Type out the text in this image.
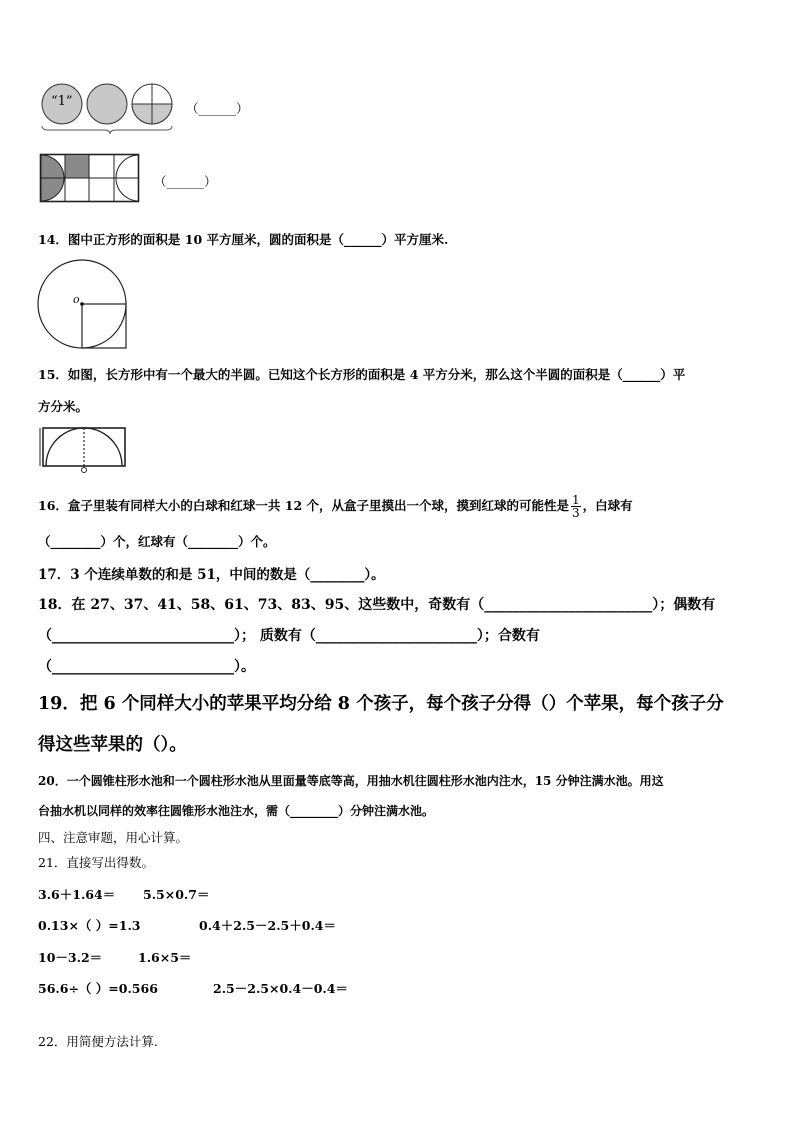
“1”	（______）
（______）
14．图中正方形的面积是 10 平方厘米，圆的面积是（______）平方厘米.
o
15．如图，长方形中有一个最大的半圆。已知这个长方形的面积是 4 平方分米，那么这个半圆的面积是（______）平
方分米。
16．盒子里装有同样大小的白球和红球一共 12 个，从盒子里摸出一个球，摸到红球的可能性是 $\frac{1}{3}$ ，白球有
（________）个，红球有（________）个。
17．3 个连续单数的和是 51，中间的数是（________）。
18．在 27、37、41、58、61、73、83、95、这些数中，奇数有（________________________）；偶数有
（__________________________）； 质数有（_______________________）；合数有
（__________________________）。
19．把 6 个同样大小的苹果平均分给 8 个孩子，每个孩子分得（）个苹果，每个孩子分
得这些苹果的（）。
20．一个圆锥柱形水池和一个圆柱形水池从里面量等底等高，用抽水机往圆柱形水池内注水，15 分钟注满水池。用这
台抽水机以同样的效率往圆锥形水池注水，需（________）分钟注满水池。
四、注意审题，用心计算。
21．直接写出得数。
3.6＋1.64＝ 5.5×0.7＝
0.13×（ ）=1.3	0.4＋2.5－2.5＋0.4＝
10－3.2＝	1.6×5＝
56.6÷（ ）=0.566	2.5－2.5×0.4－0.4＝
22．用简便方法计算.
